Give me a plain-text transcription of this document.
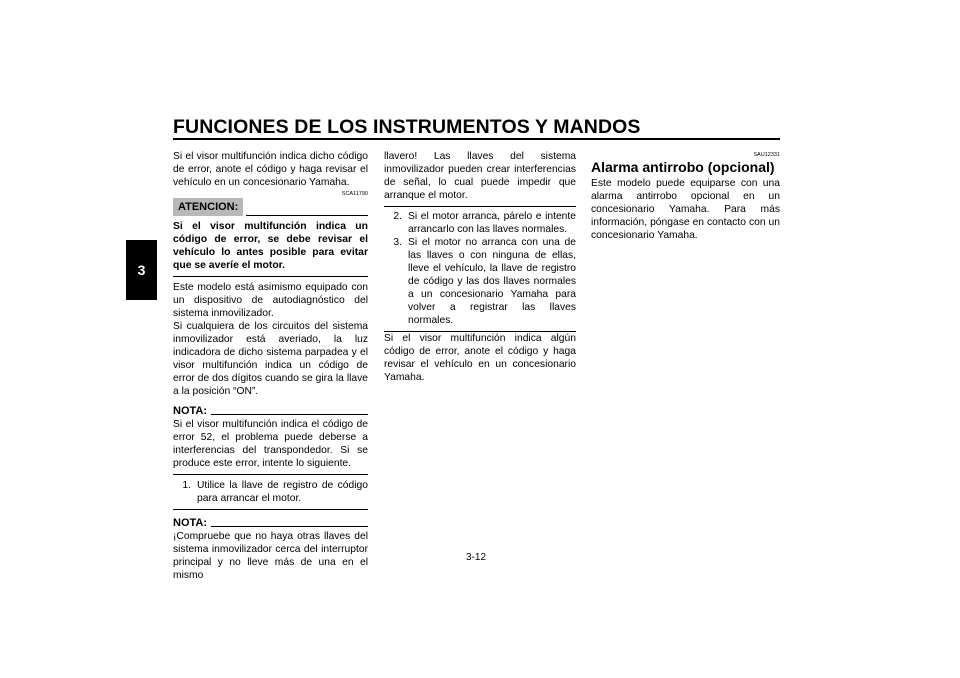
FUNCIONES DE LOS INSTRUMENTOS Y MANDOS
3

Si el visor multifunción indica dicho código de error, anote el código y haga revisar el vehículo en un concesionario Yamaha.

SCA11790
ATENCION:

Si el visor multifunción indica un código de error, se debe revisar el vehículo lo antes posible para evitar que se averíe el motor.

Este modelo está asimismo equipado con un dispositivo de autodiagnóstico del sistema inmovilizador.

Si cualquiera de los circuitos del sistema inmovilizador está averiado, la luz indicadora de dicho sistema parpadea y el visor multifunción indica un código de error de dos dígitos cuando se gira la llave a la posición “ON”.

NOTA:

Si el visor multifunción indica el código de error 52, el problema puede deberse a interferencias del transpondedor. Si se produce este error, intente lo siguiente.

1. Utilice la llave de registro de código para arrancar el motor.
NOTA:

¡Compruebe que no haya otras llaves del sistema inmovilizador cerca del interruptor principal y no lleve más de una en el mismo

llavero! Las llaves del sistema inmovilizador pueden crear interferencias de señal, lo cual puede impedir que arranque el motor.

2. Si el motor arranca, párelo e intente arrancarlo con las llaves normales.
3. Si el motor no arranca con una de las llaves o con ninguna de ellas, lleve el vehículo, la llave de registro de código y las dos llaves normales a un concesionario Yamaha para volver a registrar las llaves normales.

Si el visor multifunción indica algún código de error, anote el código y haga revisar el vehículo en un concesionario Yamaha.

SAU12331

Alarma antirrobo (opcional)

Este modelo puede equiparse con una alarma antirrobo opcional en un concesionario Yamaha. Para más información, póngase en contacto con un concesionario Yamaha.

3-12
